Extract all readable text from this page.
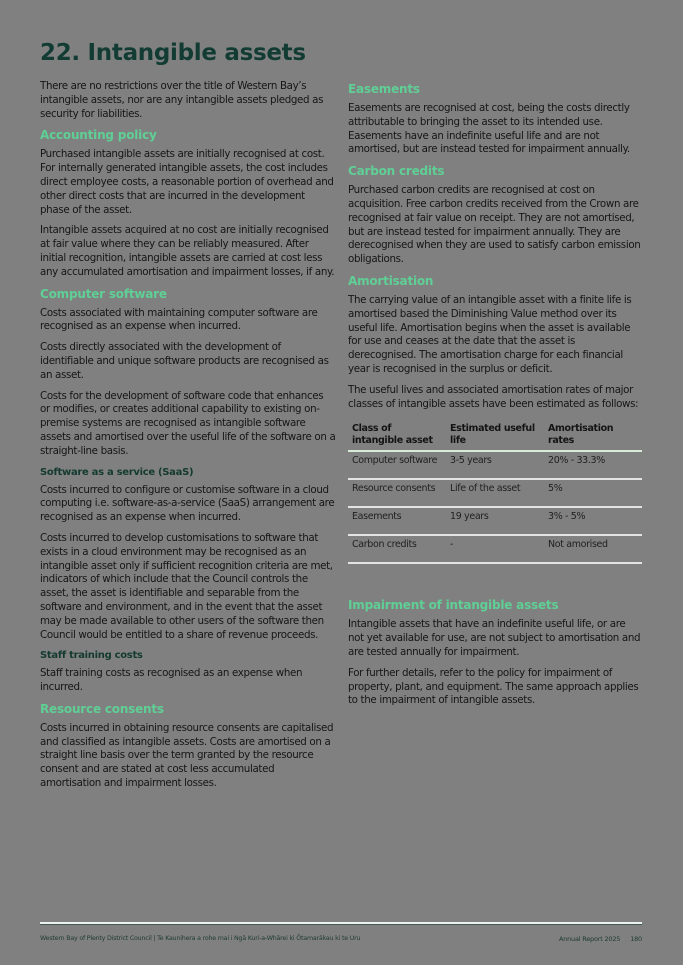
22. Intangible assets

There are no restrictions over the title of Western Bay’s intangible assets, nor are any intangible assets pledged as security for liabilities.

Accounting policy

Purchased intangible assets are initially recognised at cost. For internally generated intangible assets, the cost includes direct employee costs, a reasonable portion of overhead and other direct costs that are incurred in the development phase of the asset.

Intangible assets acquired at no cost are initially recognised at fair value where they can be reliably measured. After initial recognition, intangible assets are carried at cost less any accumulated amortisation and impairment losses, if any.

Computer software

Costs associated with maintaining computer software are recognised as an expense when incurred.

Costs directly associated with the development of identifiable and unique software products are recognised as an asset.

Costs for the development of software code that enhances or modifies, or creates additional capability to existing on-premise systems are recognised as intangible software assets and amortised over the useful life of the software on a straight-line basis.

Software as a service (SaaS)

Costs incurred to configure or customise software in a cloud computing i.e. software-as-a-service (SaaS) arrangement are recognised as an expense when incurred.

Costs incurred to develop customisations to software that exists in a cloud environment may be recognised as an intangible asset only if sufficient recognition criteria are met, indicators of which include that the Council controls the asset, the asset is identifiable and separable from the software and environment, and in the event that the asset may be made available to other users of the software then Council would be entitled to a share of revenue proceeds.

Staff training costs

Staff training costs as recognised as an expense when incurred.

Resource consents

Costs incurred in obtaining resource consents are capitalised and classified as intangible assets. Costs are amortised on a straight line basis over the term granted by the resource consent and are stated at cost less accumulated amortisation and impairment losses.

Easements

Easements are recognised at cost, being the costs directly attributable to bringing the asset to its intended use. Easements have an indefinite useful life and are not amortised, but are instead tested for impairment annually.

Carbon credits

Purchased carbon credits are recognised at cost on acquisition. Free carbon credits received from the Crown are recognised at fair value on receipt. They are not amortised, but are instead tested for impairment annually. They are derecognised when they are used to satisfy carbon emission obligations.

Amortisation

The carrying value of an intangible asset with a finite life is amortised based the Diminishing Value method over its useful life. Amortisation begins when the asset is available for use and ceases at the date that the asset is derecognised. The amortisation charge for each financial year is recognised in the surplus or deficit.

The useful lives and associated amortisation rates of major classes of intangible assets have been estimated as follows:

Class of intangible asset	Estimated useful life	Amortisation rates
Computer software	3-5 years	20% - 33.3%
Resource consents	Life of the asset	5%
Easements	19 years	3% - 5%
Carbon credits	-	Not amorised
Impairment of intangible assets

Intangible assets that have an indefinite useful life, or are not yet available for use, are not subject to amortisation and are tested annually for impairment.

For further details, refer to the policy for impairment of property, plant, and equipment. The same approach applies to the impairment of intangible assets.

Western Bay of Plenty District Council | Te Kaunihera a rohe mai i Ngā Kuri-a-Whārei ki Ōtamarākau ki te Uru	Annual Report 2025 180
